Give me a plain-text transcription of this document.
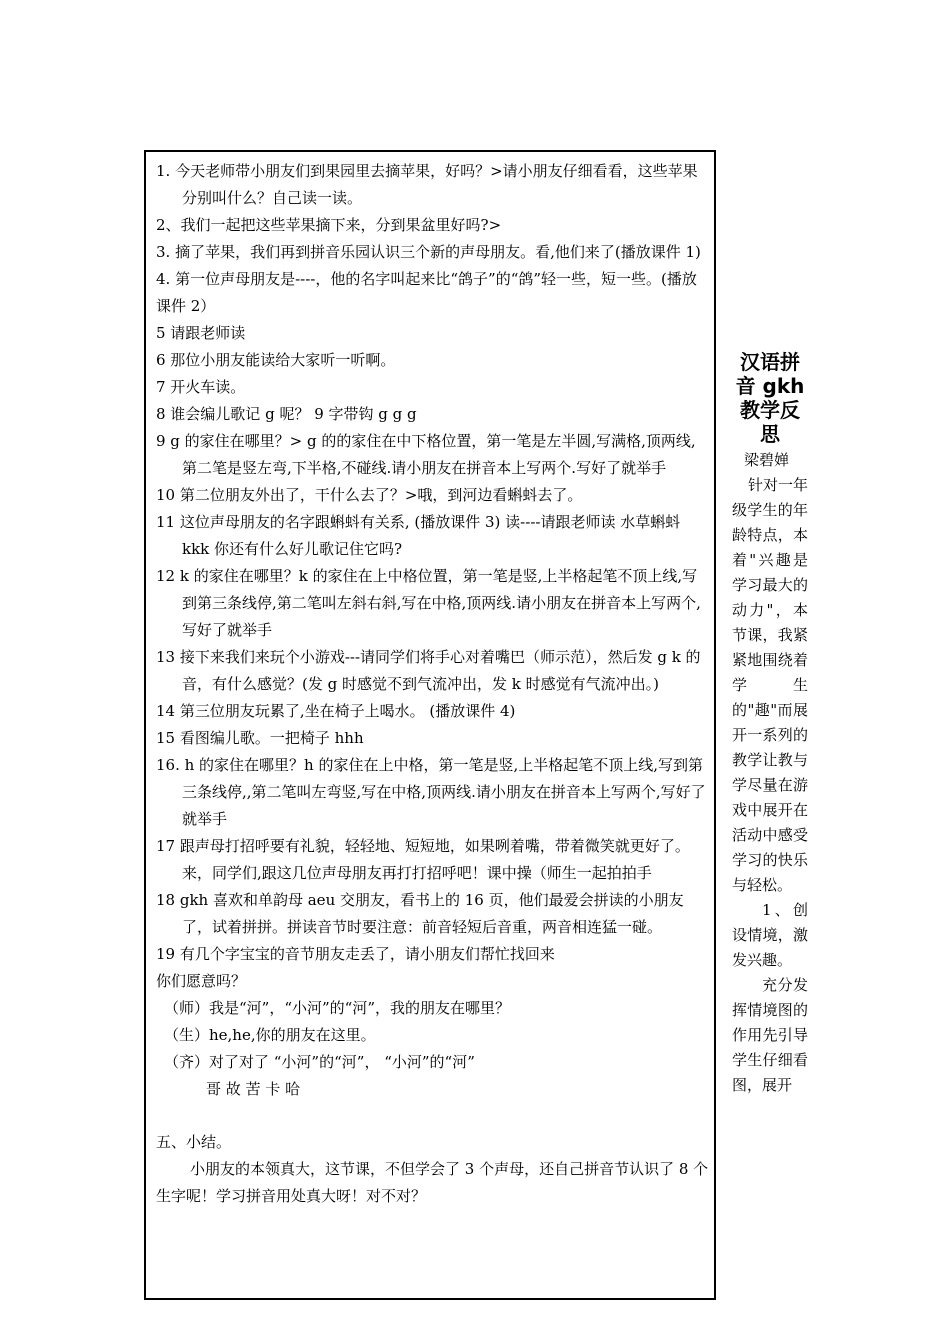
1. 今天老师带小朋友们到果园里去摘苹果，好吗？>请小朋友仔细看看，这些苹果分别叫什么？自己读一读。

2、我们一起把这些苹果摘下来，分到果盆里好吗?>

3. 摘了苹果，我们再到拼音乐园认识三个新的声母朋友。看,他们来了(播放课件 1)

4. 第一位声母朋友是----，他的名字叫起来比“鸽子”的“鸽”轻一些，短一些。(播放课件 2）

5 请跟老师读

6 那位小朋友能读给大家听一听啊。

7 开火车读。

8 谁会编儿歌记 g 呢？ 9 字带钩 g g g

9 g 的家住在哪里？> g 的的家住在中下格位置，第一笔是左半圆,写满格,顶两线,第二笔是竖左弯,下半格,不碰线.请小朋友在拼音本上写两个.写好了就举手

10 第二位朋友外出了，干什么去了？>哦，到河边看蝌蚪去了。

11 这位声母朋友的名字跟蝌蚪有关系, (播放课件 3) 读----请跟老师读 水草蝌蚪 kkk 你还有什么好儿歌记住它吗?

12 k 的家住在哪里？k 的家住在上中格位置，第一笔是竖,上半格起笔不顶上线,写到第三条线停,第二笔叫左斜右斜,写在中格,顶两线.请小朋友在拼音本上写两个,写好了就举手

13 接下来我们来玩个小游戏---请同学们将手心对着嘴巴（师示范），然后发 g k 的音，有什么感觉？(发 g 时感觉不到气流冲出，发 k 时感觉有气流冲出。)

14 第三位朋友玩累了,坐在椅子上喝水。 (播放课件 4)

15 看图编儿歌。一把椅子 hhh

16. h 的家住在哪里？h 的家住在上中格，第一笔是竖,上半格起笔不顶上线,写到第三条线停,,第二笔叫左弯竖,写在中格,顶两线.请小朋友在拼音本上写两个,写好了就举手

17 跟声母打招呼要有礼貌，轻轻地、短短地，如果咧着嘴，带着微笑就更好了。来，同学们,跟这几位声母朋友再打打招呼吧！课中操（师生一起拍拍手

18 gkh 喜欢和单韵母 aeu 交朋友，看书上的 16 页，他们最爱会拼读的小朋友了，试着拼拼。拼读音节时要注意：前音轻短后音重，两音相连猛一碰。

19 有几个字宝宝的音节朋友走丢了，请小朋友们帮忙找回来

你们愿意吗？

（师）我是“河”，“小河”的“河”，我的朋友在哪里？

（生）he,he,你的朋友在这里。

（齐）对了对了 “小河”的“河”， “小河”的“河”

哥 故 苦 卡 哈

五、小结。

小朋友的本领真大，这节课，不但学会了 3 个声母，还自己拼音节认识了 8 个生字呢！学习拼音用处真大呀！对不对？

汉语拼音 gkh 教学反思

梁碧婵

针对一年级学生的年龄特点，本着"兴趣是学习最大的动力"，本节课，我紧紧地围绕着学生的"趣"而展开一系列的教学让教与学尽量在游戏中展开在活动中感受学习的快乐与轻松。

1、创设情境，激发兴趣。

充分发挥情境图的作用先引导学生仔细看图，展开
